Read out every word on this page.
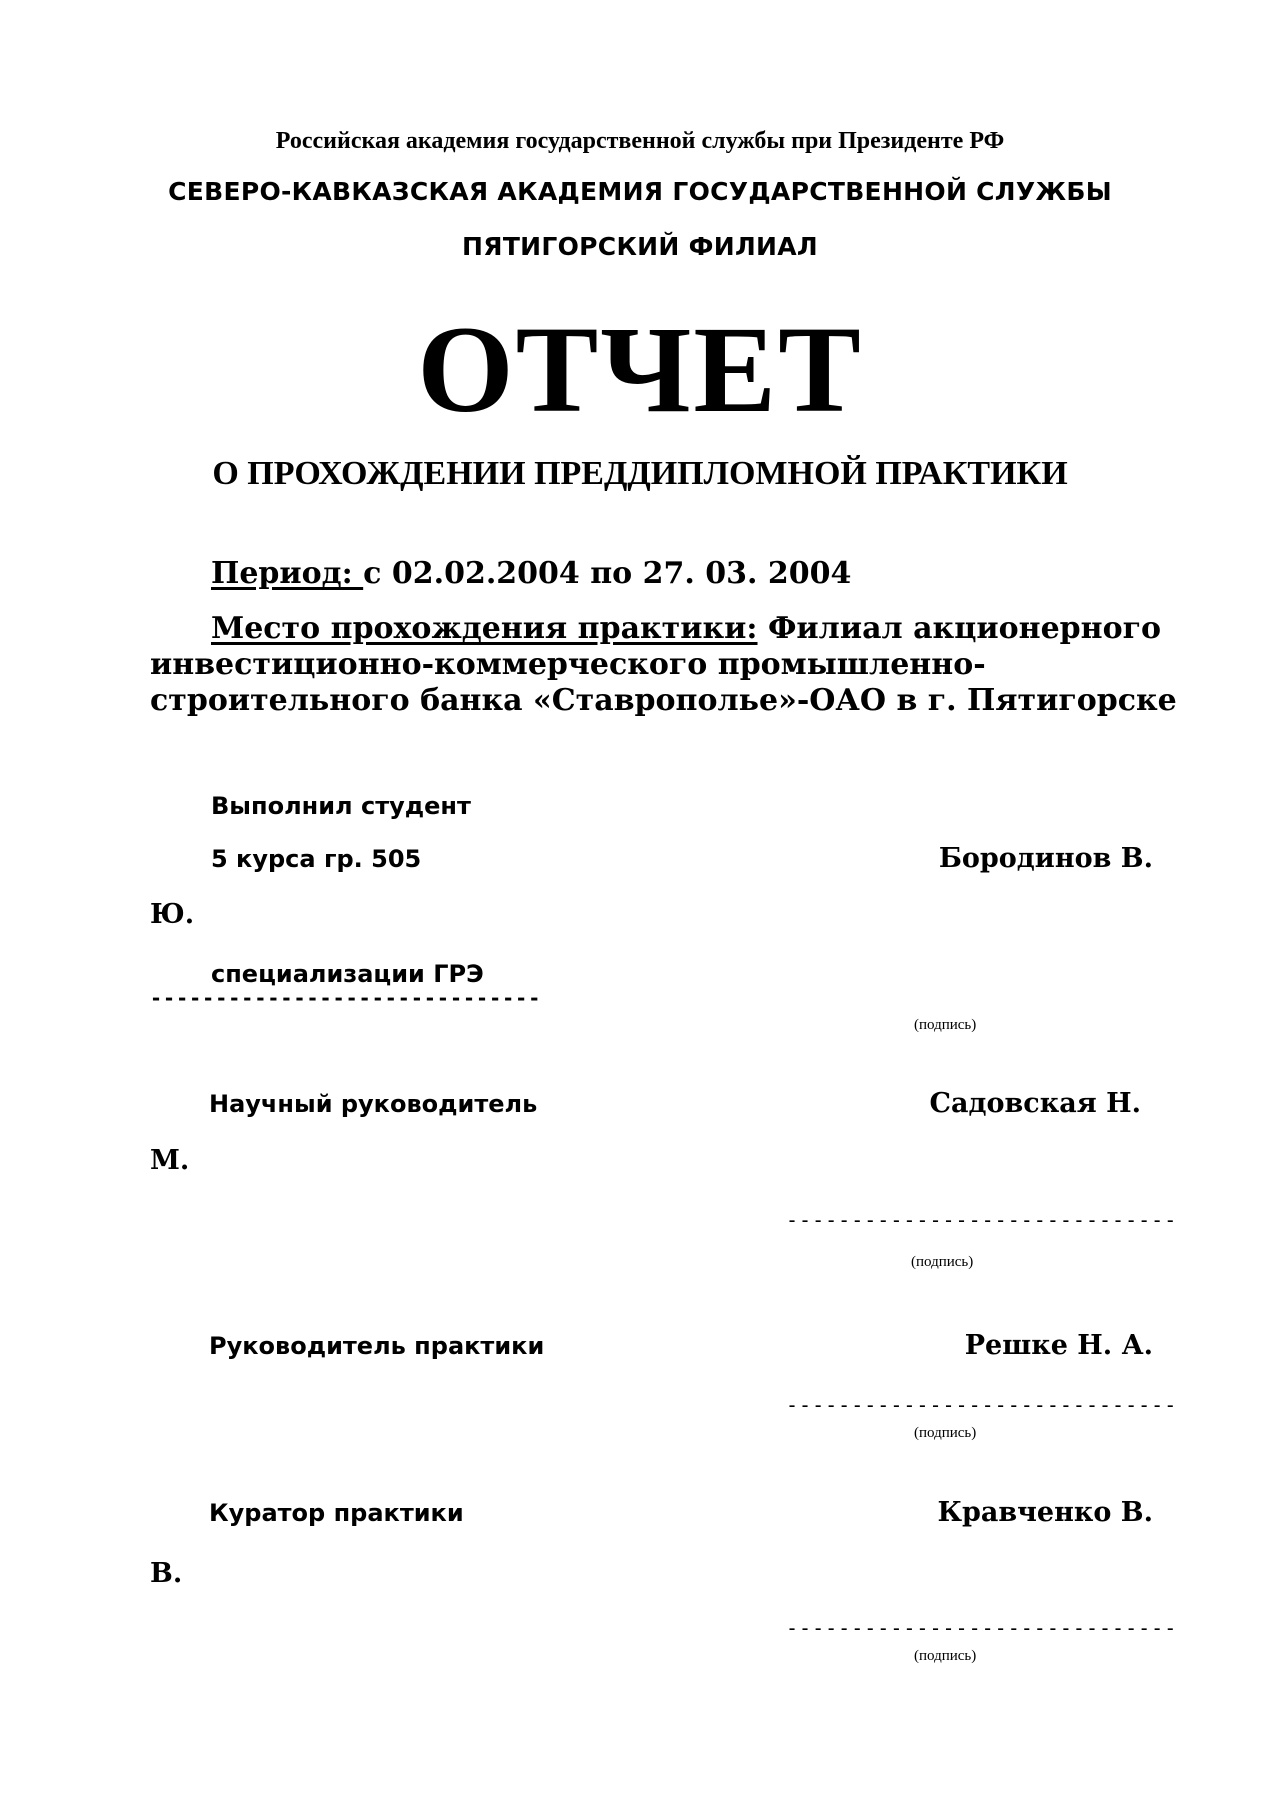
Российская академия государственной службы при Президенте РФ
СЕВЕРО-КАВКАЗСКАЯ АКАДЕМИЯ ГОСУДАРСТВЕННОЙ СЛУЖБЫ
ПЯТИГОРСКИЙ ФИЛИАЛ
ОТЧЕТ
О ПРОХОЖДЕНИИ ПРЕДДИПЛОМНОЙ ПРАКТИКИ
Период: с 02.02.2004 по 27. 03. 2004
Место прохождения практики: Филиал акционерного инвестиционно-коммерческого промышленно-строительного банка «Ставрополье»-ОАО в г. Пятигорске
Выполнил студент
5 курса гр. 505	Бородинов В.
Ю.
специализации ГРЭ
------------------------------
(подпись)
Научный руководитель	Садовская Н.
М.
------------------------------
(подпись)
Руководитель практики	Решке Н. А.
------------------------------
(подпись)
Куратор практики	Кравченко В.
В.
------------------------------
(подпись)
